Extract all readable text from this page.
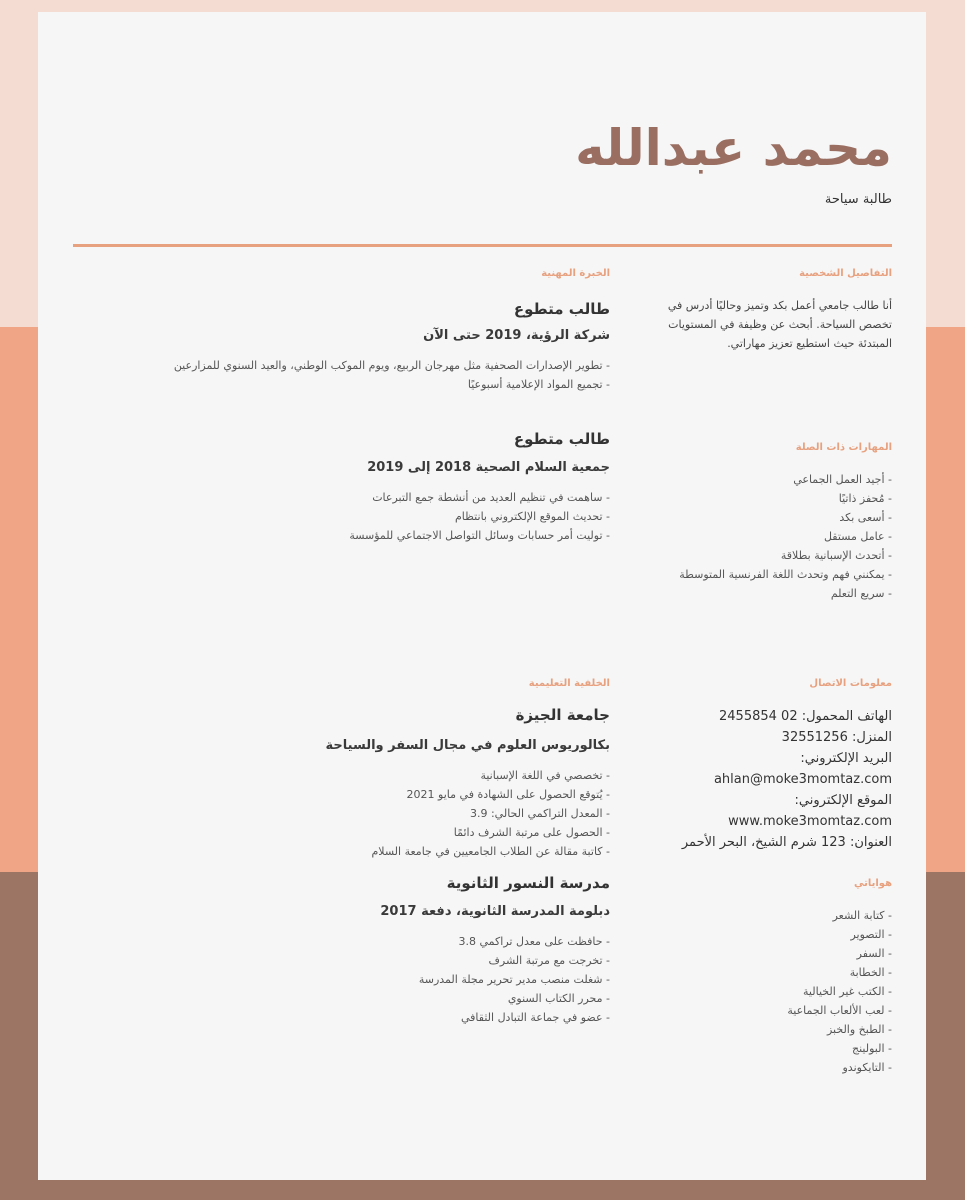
محمد عبدالله

طالبة سياحة

التفاصيل الشخصية

أنا طالب جامعي أعمل بكد وتميز وحاليًا أدرس في تخصص السياحة. أبحث عن وظيفة في المستويات المبتدئة حيث استطيع تعزيز مهاراتي.

المهارات ذات الصلة
- أجيد العمل الجماعي
- مُحفز ذاتيًا
- أسعى بكد
- عامل مستقل
- أتحدث الإسبانية بطلاقة
- يمكنني فهم وتحدث اللغة الفرنسية المتوسطة
- سريع التعلم
معلومات الاتصال
الهاتف المحمول: 02 2455854
المنزل: 32551256
البريد الإلكتروني:
ahlan@moke3momtaz.com
الموقع الإلكتروني:
www.moke3momtaz.com
العنوان: 123 شرم الشيخ، البحر الأحمر
هواياتي
- كتابة الشعر
- التصوير
- السفر
- الخطابة
- الكتب غير الخيالية
- لعب الألعاب الجماعية
- الطبخ والخبز
- البولينج
- التايكوندو
الخبرة المهنية
طالب متطوع

شركة الرؤية، 2019 حتى الآن

- تطوير الإصدارات الصحفية مثل مهرجان الربيع، ويوم الموكب الوطني، والعيد السنوي للمزارعين
- تجميع المواد الإعلامية أسبوعيًا
طالب متطوع

جمعية السلام الصحية 2018 إلى 2019

- ساهمت في تنظيم العديد من أنشطة جمع التبرعات
- تحديث الموقع الإلكتروني بانتظام
- توليت أمر حسابات وسائل التواصل الاجتماعي للمؤسسة
الخلفية التعليمية
جامعة الجيزة

بكالوريوس العلوم في مجال السفر والسياحة

- تخصصي في اللغة الإسبانية
- يُتوقع الحصول على الشهادة في مايو 2021
- المعدل التراكمي الحالي: 3.9
- الحصول على مرتبة الشرف دائمًا
- كاتبة مقالة عن الطلاب الجامعيين في جامعة السلام
مدرسة النسور الثانوية

دبلومة المدرسة الثانوية، دفعة 2017

- حافظت على معدل تراكمي 3.8
- تخرجت مع مرتبة الشرف
- شغلت منصب مدير تحرير مجلة المدرسة
- محرر الكتاب السنوي
- عضو في جماعة التبادل الثقافي
